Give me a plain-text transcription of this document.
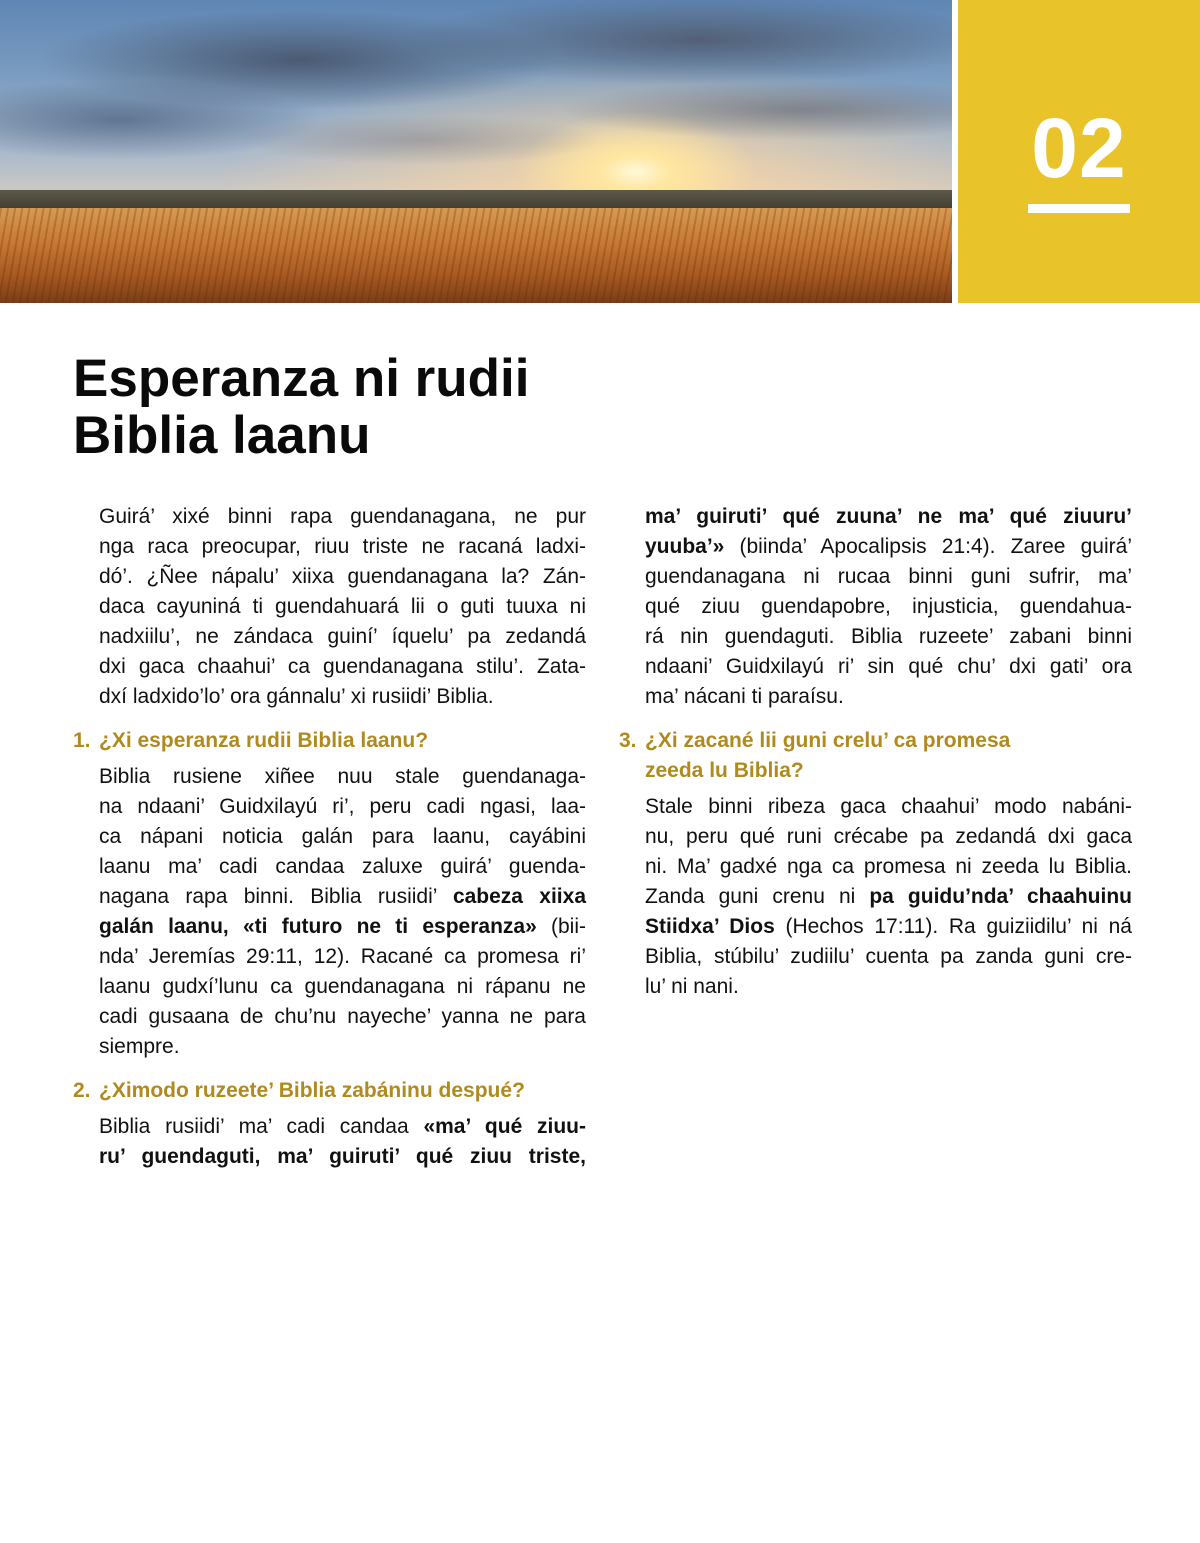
02
Esperanza ni rudii
Biblia laanu
Guirá’ xixé binni rapa guendanagana, ne pur
nga raca preocupar, riuu triste ne racaná ladxi-
dó’. ¿Ñee nápalu’ xiixa guendanagana la? Zán-
daca cayuniná ti guendahuará lii o guti tuuxa ni
nadxiilu’, ne zándaca guiní’ íquelu’ pa zedandá
dxi gaca chaahui’ ca guendanagana stilu’. Zata-
dxí ladxido’lo’ ora gánnalu’ xi rusiidi’ Biblia.
1. ¿Xi esperanza rudii Biblia laanu?
Biblia rusiene xiñee nuu stale guendanaga-
na ndaani’ Guidxilayú ri’, peru cadi ngasi, laa-
ca nápani noticia galán para laanu, cayábini
laanu ma’ cadi candaa zaluxe guirá’ guenda-
nagana rapa binni. Biblia rusiidi’ cabeza xiixa
galán laanu, «ti futuro ne ti esperanza» (bii-
nda’ Jeremías 29:11, 12). Racané ca promesa ri’
laanu gudxí’lunu ca guendanagana ni rápanu ne
cadi gusaana de chu’nu nayeche’ yanna ne para
siempre.
2. ¿Ximodo ruzeete’ Biblia zabáninu despué?
Biblia rusiidi’ ma’ cadi candaa «ma’ qué ziuu-
ru’ guendaguti, ma’ guiruti’ qué ziuu triste,
ma’ guiruti’ qué zuuna’ ne ma’ qué ziuuru’
yuuba’» (biinda’ Apocalipsis 21:4). Zaree guirá’
guendanagana ni rucaa binni guni sufrir, ma’
qué ziuu guendapobre, injusticia, guendahua-
rá nin guendaguti. Biblia ruzeete’ zabani binni
ndaani’ Guidxilayú ri’ sin qué chu’ dxi gati’ ora
ma’ nácani ti paraísu.
3. ¿Xi zacané lii guni crelu’ ca promesa
zeeda lu Biblia?
Stale binni ribeza gaca chaahui’ modo nabáni-
nu, peru qué runi crécabe pa zedandá dxi gaca
ni. Ma’ gadxé nga ca promesa ni zeeda lu Biblia.
Zanda guni crenu ni pa guidu’nda’ chaahuinu
Stiidxa’ Dios (Hechos 17:11). Ra guiziidilu’ ni ná
Biblia, stúbilu’ zudiilu’ cuenta pa zanda guni cre-
lu’ ni nani.
